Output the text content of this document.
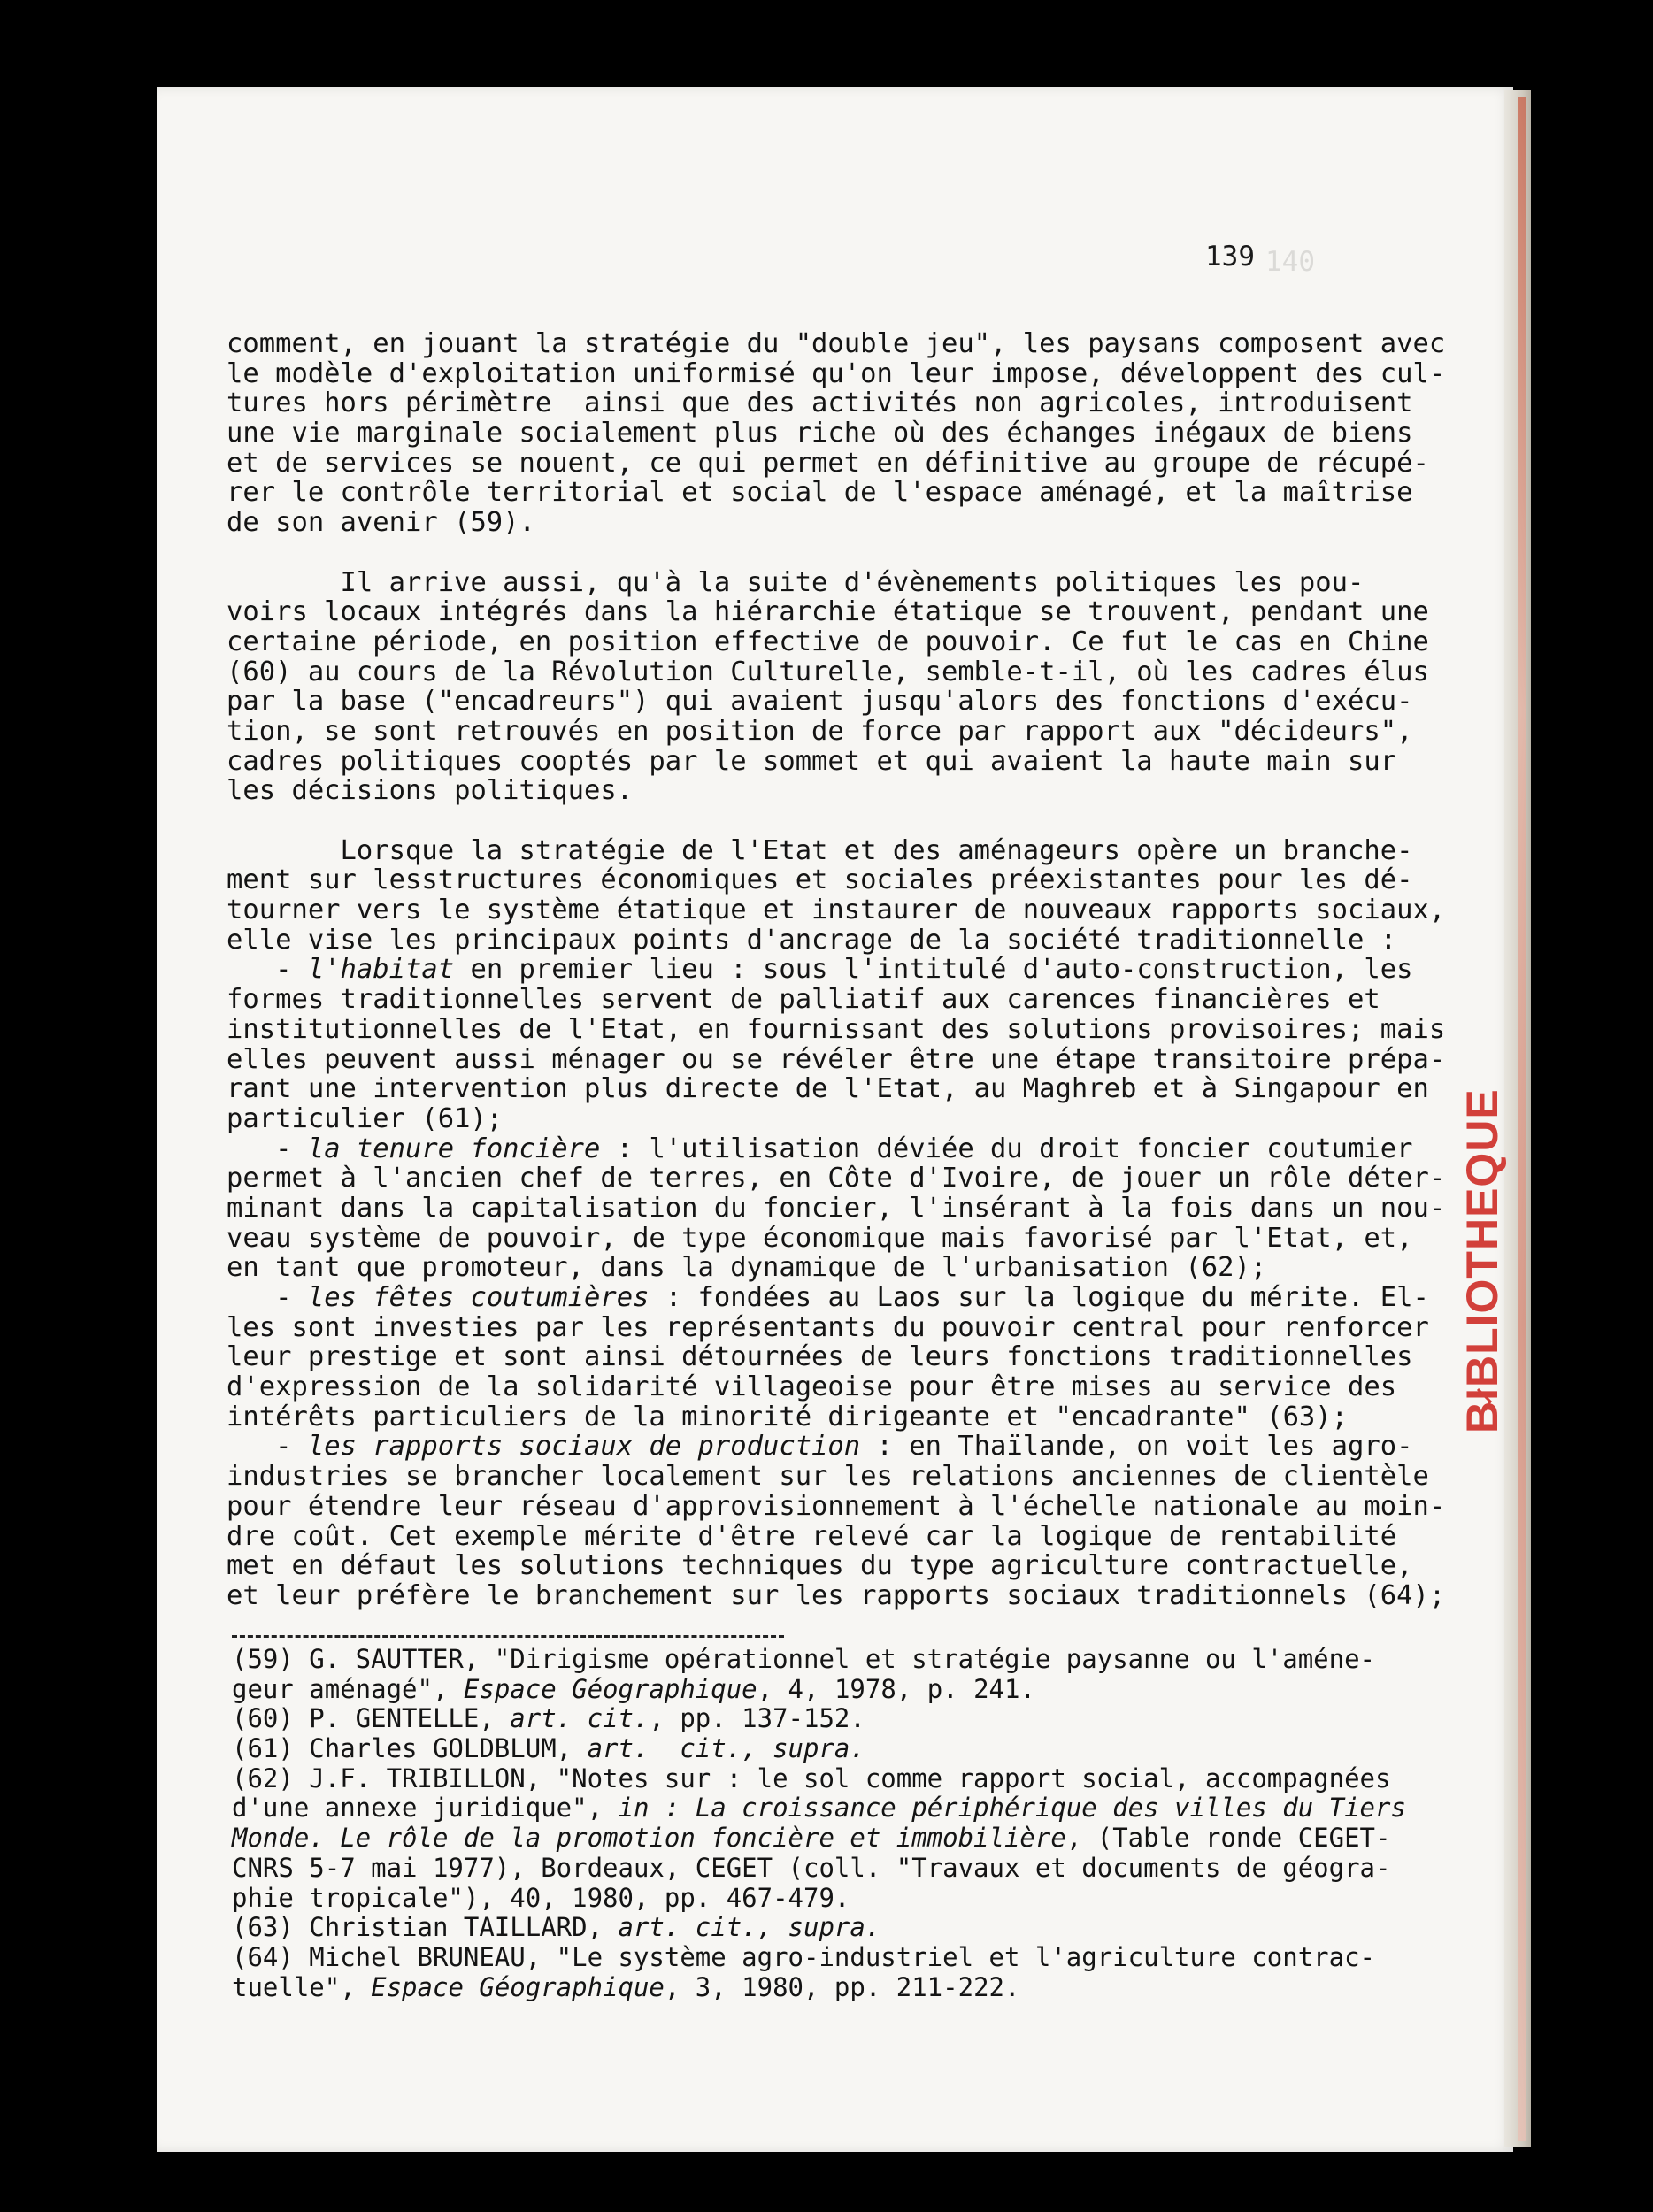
BIBLIOTHEQUE
140
139
comment, en jouant la stratégie du "double jeu", les paysans composent avec
le modèle d'exploitation uniformisé qu'on leur impose, développent des cul-
tures hors périmètre  ainsi que des activités non agricoles, introduisent
une vie marginale socialement plus riche où des échanges inégaux de biens
et de services se nouent, ce qui permet en définitive au groupe de récupé-
rer le contrôle territorial et social de l'espace aménagé, et la maîtrise
de son avenir (59).
Il arrive aussi, qu'à la suite d'évènements politiques les pou-
voirs locaux intégrés dans la hiérarchie étatique se trouvent, pendant une
certaine période, en position effective de pouvoir. Ce fut le cas en Chine
(60) au cours de la Révolution Culturelle, semble-t-il, où les cadres élus
par la base ("encadreurs") qui avaient jusqu'alors des fonctions d'exécu-
tion, se sont retrouvés en position de force par rapport aux "décideurs",
cadres politiques cooptés par le sommet et qui avaient la haute main sur
les décisions politiques.
Lorsque la stratégie de l'Etat et des aménageurs opère un branche-
ment sur lesstructures économiques et sociales préexistantes pour les dé-
tourner vers le système étatique et instaurer de nouveaux rapports sociaux,
elle vise les principaux points d'ancrage de la société traditionnelle :
- l'habitat en premier lieu : sous l'intitulé d'auto-construction, les
formes traditionnelles servent de palliatif aux carences financières et
institutionnelles de l'Etat, en fournissant des solutions provisoires; mais
elles peuvent aussi ménager ou se révéler être une étape transitoire prépa-
rant une intervention plus directe de l'Etat, au Maghreb et à Singapour en
particulier (61);
- la tenure foncière : l'utilisation déviée du droit foncier coutumier
permet à l'ancien chef de terres, en Côte d'Ivoire, de jouer un rôle déter-
minant dans la capitalisation du foncier, l'insérant à la fois dans un nou-
veau système de pouvoir, de type économique mais favorisé par l'Etat, et,
en tant que promoteur, dans la dynamique de l'urbanisation (62);
- les fêtes coutumières : fondées au Laos sur la logique du mérite. El-
les sont investies par les représentants du pouvoir central pour renforcer
leur prestige et sont ainsi détournées de leurs fonctions traditionnelles
d'expression de la solidarité villageoise pour être mises au service des
intérêts particuliers de la minorité dirigeante et "encadrante" (63);
- les rapports sociaux de production : en Thaïlande, on voit les agro-
industries se brancher localement sur les relations anciennes de clientèle
pour étendre leur réseau d'approvisionnement à l'échelle nationale au moin-
dre coût. Cet exemple mérite d'être relevé car la logique de rentabilité
met en défaut les solutions techniques du type agriculture contractuelle,
et leur préfère le branchement sur les rapports sociaux traditionnels (64);
(59) G. SAUTTER, "Dirigisme opérationnel et stratégie paysanne ou l'améne-
geur aménagé", Espace Géographique, 4, 1978, p. 241.
(60) P. GENTELLE, art. cit., pp. 137-152.
(61) Charles GOLDBLUM, art.  cit., supra.
(62) J.F. TRIBILLON, "Notes sur : le sol comme rapport social, accompagnées
d'une annexe juridique", in : La croissance périphérique des villes du Tiers
Monde. Le rôle de la promotion foncière et immobilière, (Table ronde CEGET-
CNRS 5-7 mai 1977), Bordeaux, CEGET (coll. "Travaux et documents de géogra-
phie tropicale"), 40, 1980, pp. 467-479.
(63) Christian TAILLARD, art. cit., supra.
(64) Michel BRUNEAU, "Le système agro-industriel et l'agriculture contrac-
tuelle", Espace Géographique, 3, 1980, pp. 211-222.
